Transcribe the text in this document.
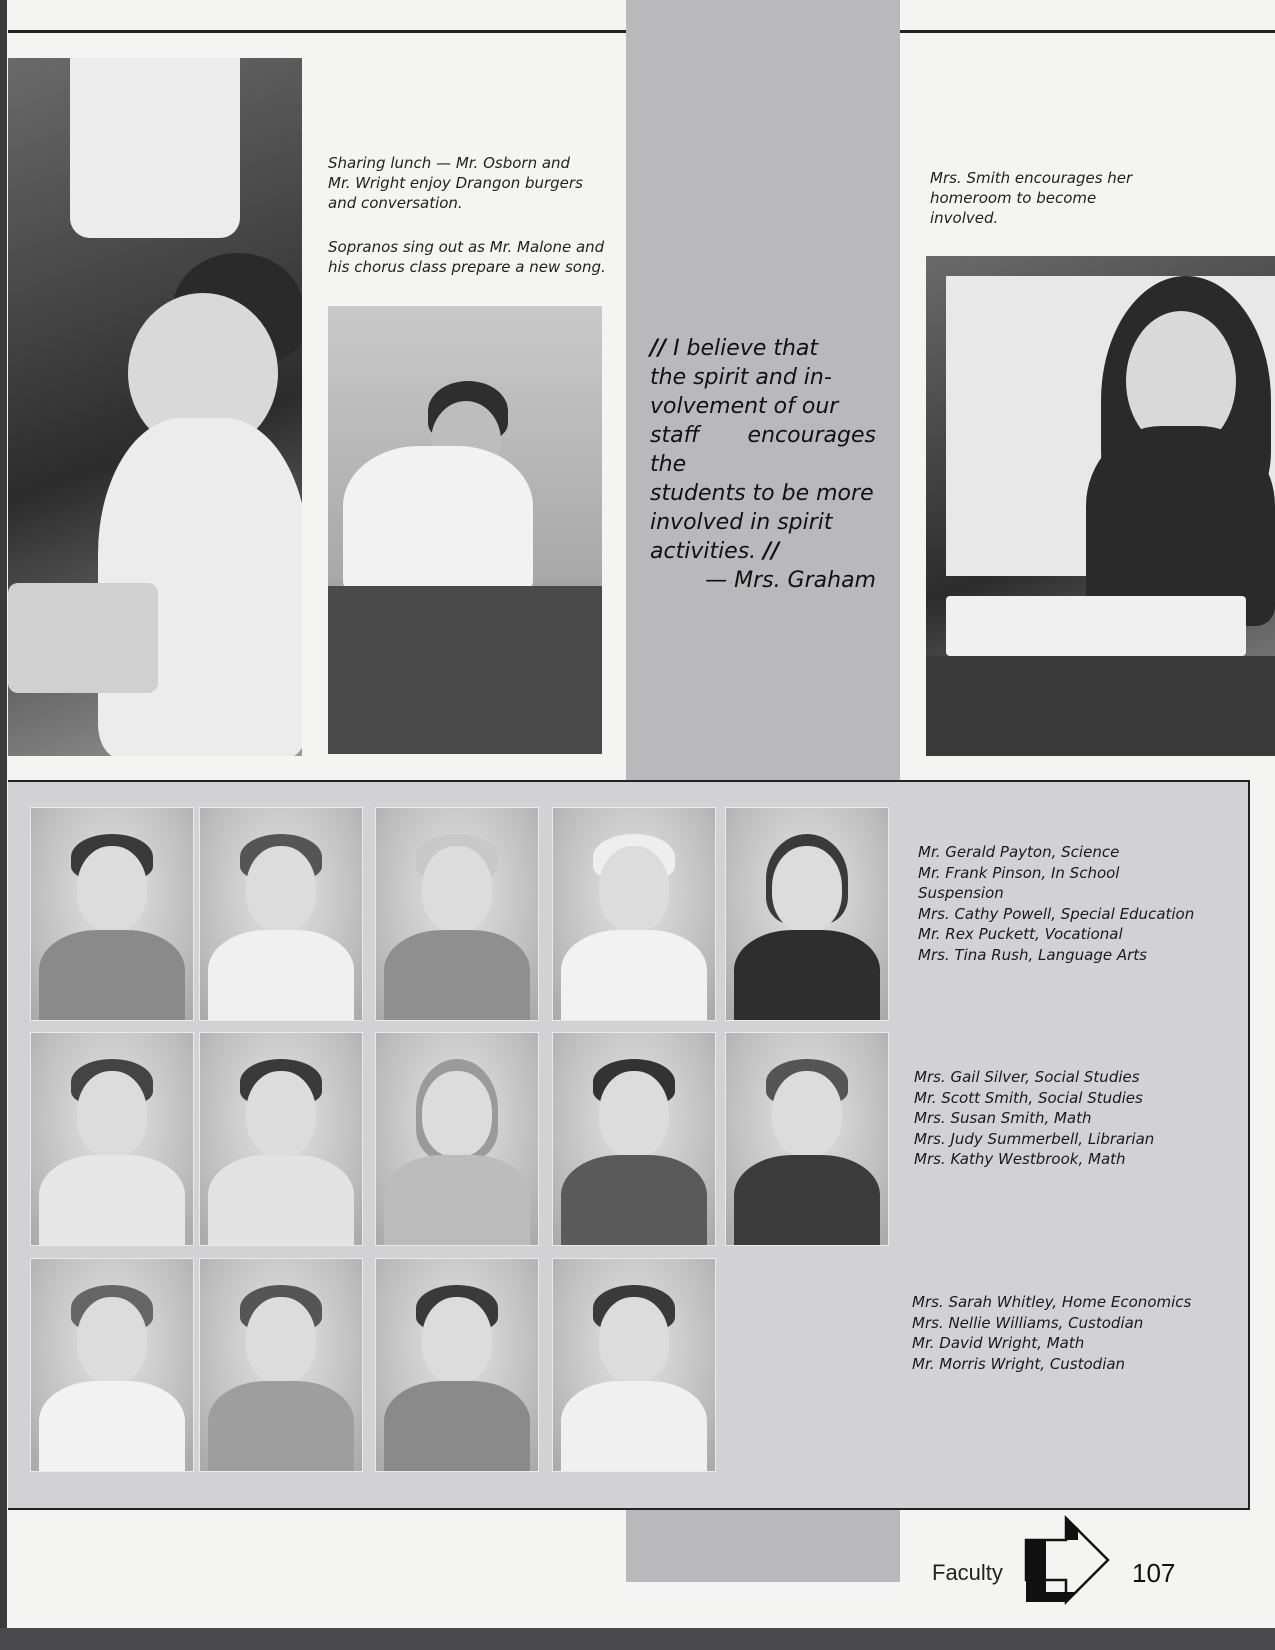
Sharing lunch — Mr. Osborn and
Mr. Wright enjoy Drangon burgers
and conversation.
Sopranos sing out as Mr. Malone and
his chorus class prepare a new song.
// I believe that
the spirit and in-
volvement of our
staff encourages the
students to be more
involved in spirit
activities. //
— Mrs. Graham
Mrs. Smith encourages her
homeroom to become
involved.
Mr. Gerald Payton, Science
Mr. Frank Pinson, In School
Suspension
Mrs. Cathy Powell, Special Education
Mr. Rex Puckett, Vocational
Mrs. Tina Rush, Language Arts
Mrs. Gail Silver, Social Studies
Mr. Scott Smith, Social Studies
Mrs. Susan Smith, Math
Mrs. Judy Summerbell, Librarian
Mrs. Kathy Westbrook, Math
Mrs. Sarah Whitley, Home Economics
Mrs. Nellie Williams, Custodian
Mr. David Wright, Math
Mr. Morris Wright, Custodian
Faculty	107
